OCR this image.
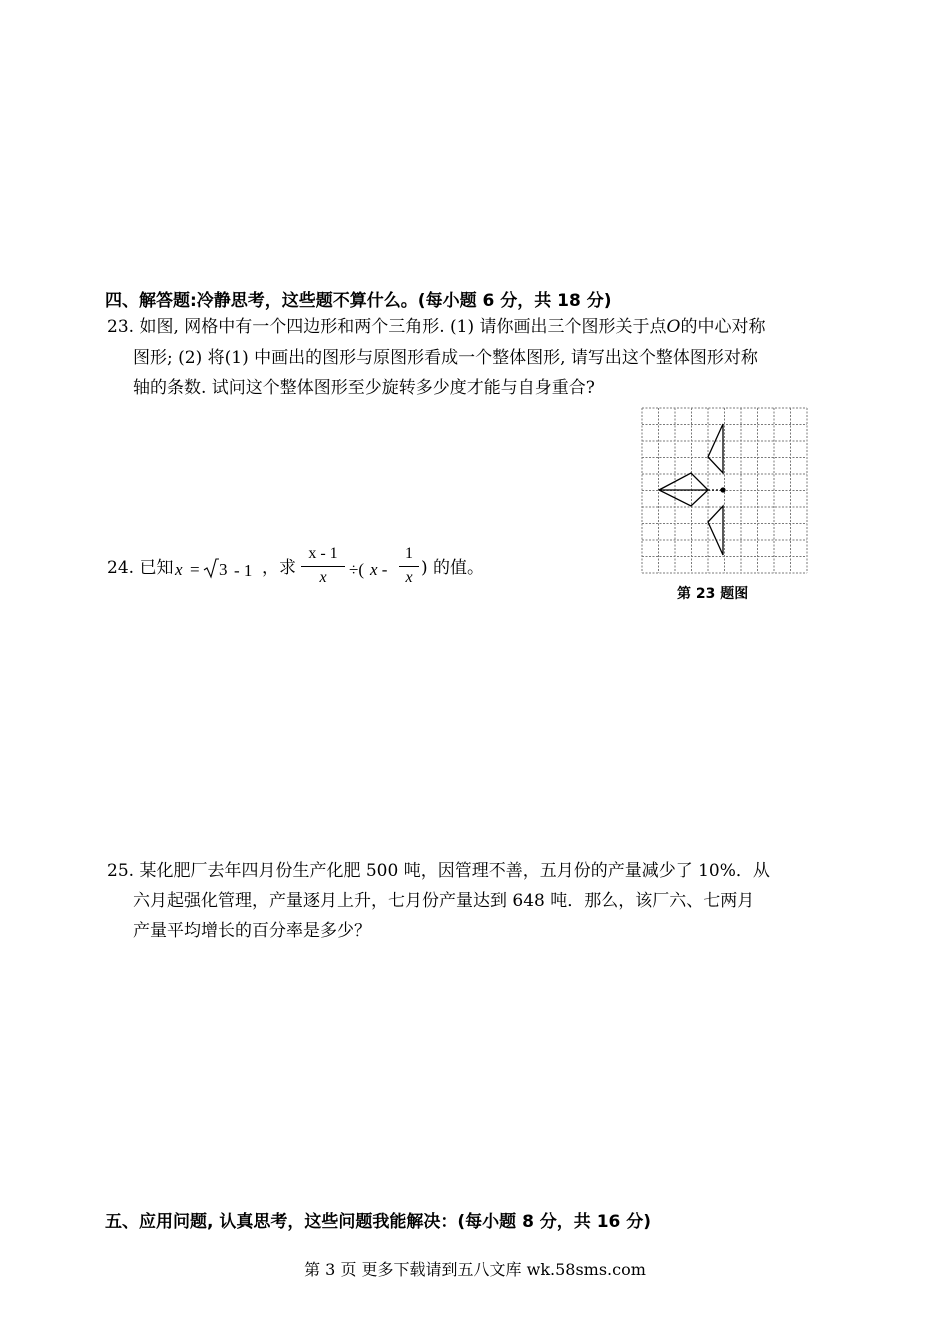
四、解答题:冷静思考，这些题不算什么。(每小题 6 分，共 18 分)
23. 如图, 网格中有一个四边形和两个三角形. (1) 请你画出三个图形关于点O的中心对称
图形; (2) 将(1) 中画出的图形与原图形看成一个整体图形, 请写出这个整体图形对称
轴的条数. 试问这个整体图形至少旋转多少度才能与自身重合?
第 23 题图
24. 已知 x = 3 - 1 ，求 $\frac{x - 1}{x}$ ÷( x - $\frac{1}{x}$ ) 的值。
25. 某化肥厂去年四月份生产化肥 500 吨，因管理不善，五月份的产量减少了 10%．从
六月起强化管理，产量逐月上升，七月份产量达到 648 吨．那么，该厂六、七两月
产量平均增长的百分率是多少？
五、应用问题, 认真思考，这些问题我能解决：(每小题 8 分，共 16 分)
第 3 页 更多下载请到五八文库 wk.58sms.com
